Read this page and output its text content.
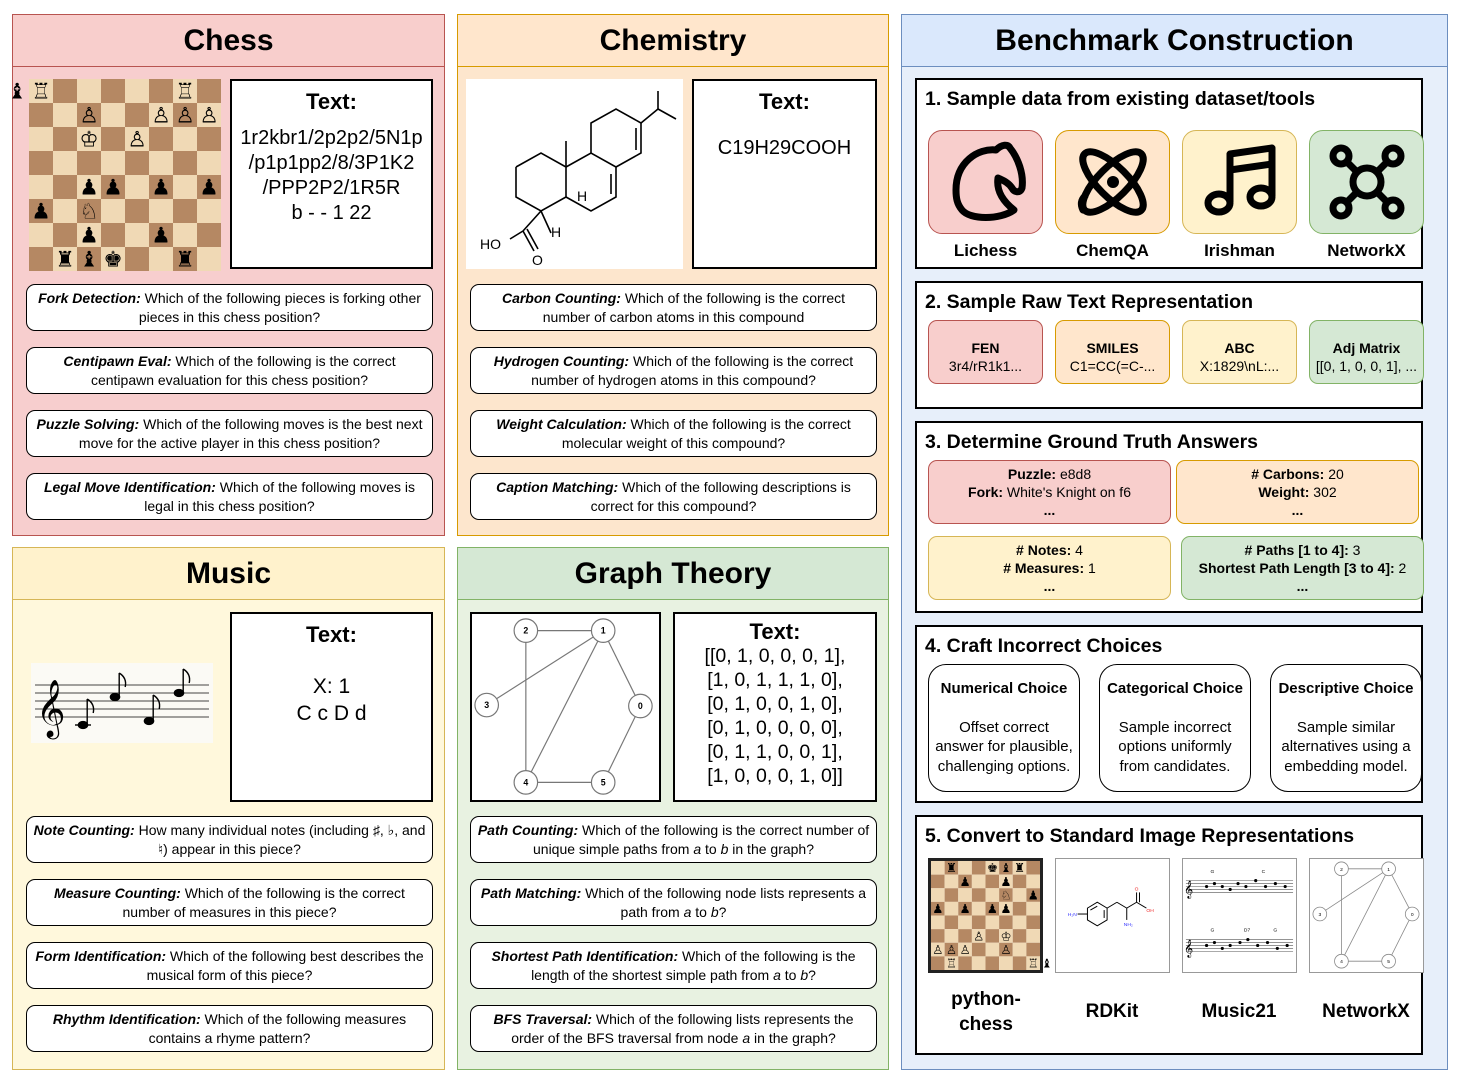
Chess
♜
♚
♝
♜
♟
♟
♘
♟
♟
♟
♟
♟
♙
♔
♙
♙
♙
♙
♖
♖
♝	Text:
1r2kbr1/2p2p2/5N1p
/p1p1pp2/8/3P1K2
/PPP2P2/1R5R
b - - 1 22
Fork Detection: Which of the following pieces is forking other pieces in this chess position?
Centipawn Eval: Which of the following is the correct centipawn evaluation for this chess position?
Puzzle Solving: Which of the following moves is the best next move for the active player in this chess position?
Legal Move Identification: Which of the following moves is legal in this chess position?
Chemistry
H
H
HO
O
Text:
C19H29COOH
Carbon Counting: Which of the following is the correct number of carbon atoms in this compound
Hydrogen Counting: Which of the following is the correct number of hydrogen atoms in this compound?
Weight Calculation: Which of the following is the correct molecular weight of this compound?
Caption Matching: Which of the following descriptions is correct for this compound?
Music
𝄞
Text:
X: 1
C c D d
Note Counting: How many individual notes (including ♯, ♭, and ♮) appear in this piece?
Measure Counting: Which of the following is the correct number of measures in this piece?
Form Identification: Which of the following best describes the musical form of this piece?
Rhythm Identification: Which of the following measures contains a rhyme pattern?
Graph Theory
0
1
2
3
4	5
Text:
[[0, 1, 0, 0, 0, 1],
[1, 0, 1, 1, 1, 0],
[0, 1, 0, 0, 1, 0],
[0, 1, 0, 0, 0, 0],
[0, 1, 1, 0, 0, 1],
[1, 0, 0, 0, 1, 0]]
Path Counting: Which of the following is the correct number of unique simple paths from a to b in the graph?
Path Matching: Which of the following node lists represents a path from a to b?
Shortest Path Identification: Which of the following is the length of the shortest simple path from a to b?
BFS Traversal: Which of the following lists represents the order of the BFS traversal from node a in the graph?
Benchmark Construction
1. Sample data from existing dataset/tools
Lichess	ChemQA	Irishman	NetworkX
2. Sample Raw Text Representation
FEN
3r4/rR1k1...
SMILES
C1=CC(=C-...
ABC
X:1829\nL:...
Adj Matrix
[[0, 1, 0, 0, 1], ...
3. Determine Ground Truth Answers
Puzzle: e8d8
Fork: White's Knight on f6
...
# Carbons: 20
Weight: 302
...
# Notes: 4
# Measures: 1
...
# Paths [1 to 4]: 3
Shortest Path Length [3 to 4]: 2
...
4. Craft Incorrect Choices
Numerical Choice
Offset correct
answer for plausible,
challenging options.
Categorical Choice
Sample incorrect
options uniformly
from candidates.
Descriptive Choice
Sample similar
alternatives using a
embedding model.
5. Convert to Standard Image Representations
♜ ♚ ♝ ♜
♟ ♟
♘ ♟
♟ ♟ ♟ ♟
♙ ♔
♙ ♙ ♙ ♙
♖	♖ ♝
python-
chess
H₂N
O
OH
NH₂
RDKit
𝄞
𝄞
G	C
G	D7	G
Music21
0
1
2
3
4	5
NetworkX
